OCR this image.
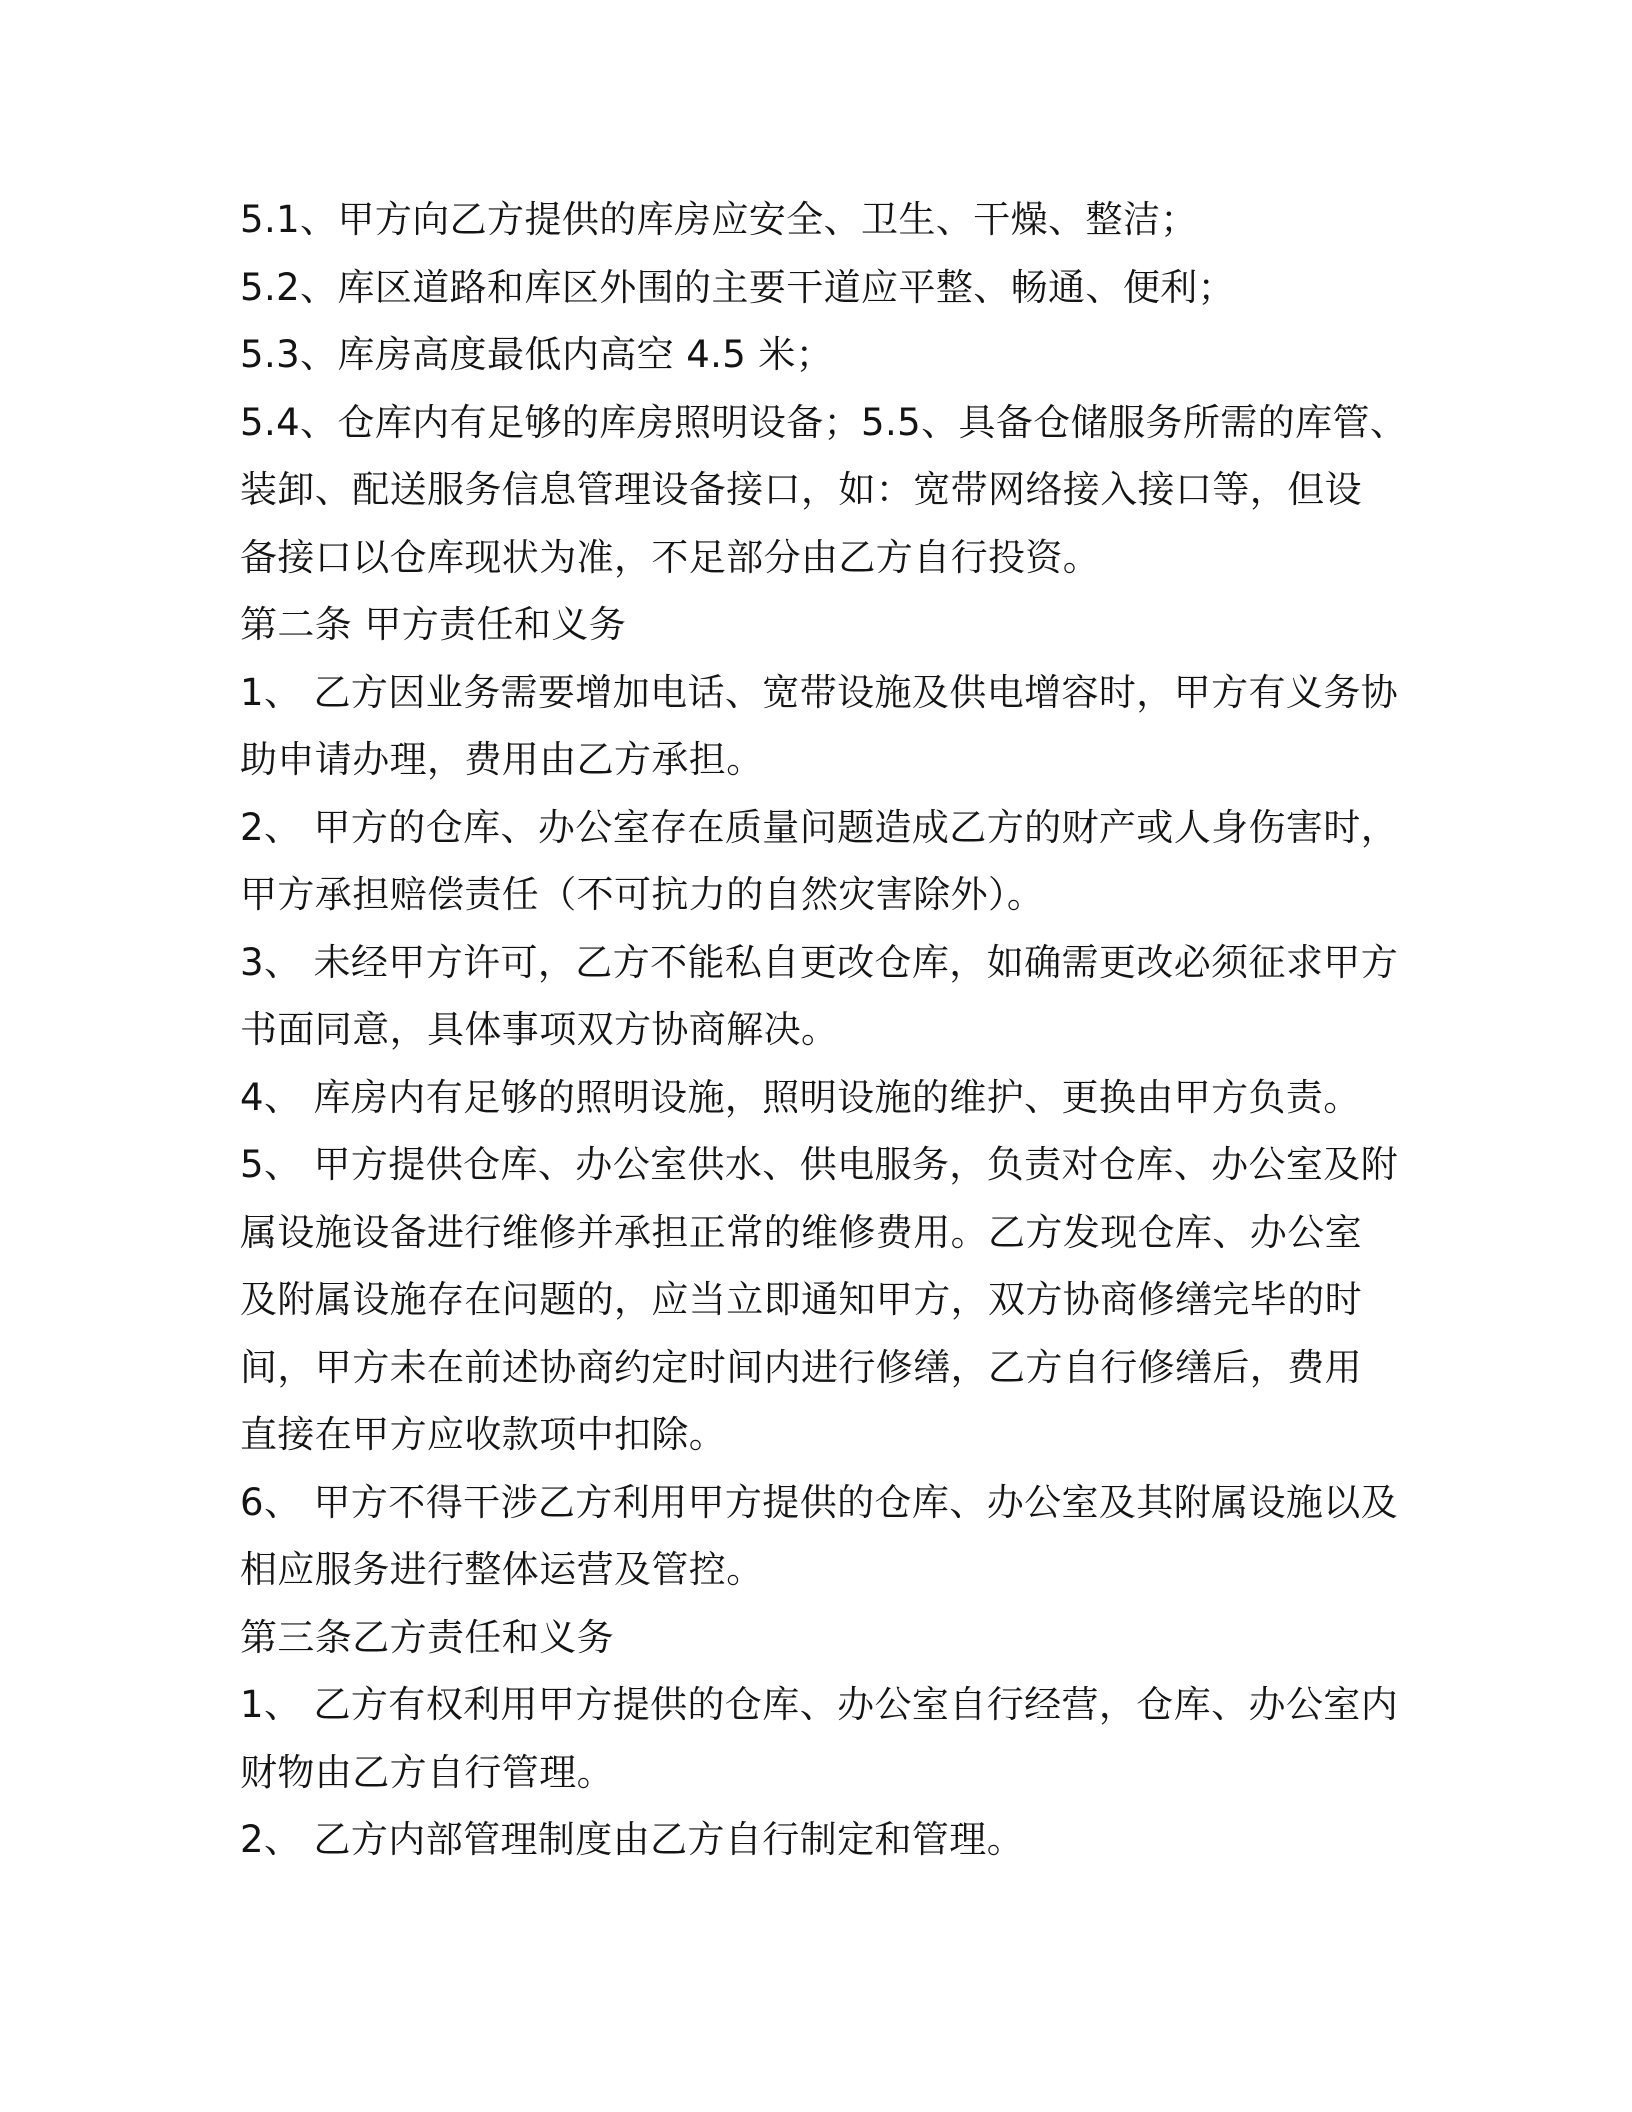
5.1、甲方向乙方提供的库房应安全、卫生、干燥、整洁；
5.2、库区道路和库区外围的主要干道应平整、畅通、便利；
5.3、库房高度最低内高空 4.5 米；
5.4、仓库内有足够的库房照明设备；5.5、具备仓储服务所需的库管、
装卸、配送服务信息管理设备接口，如：宽带网络接入接口等，但设
备接口以仓库现状为准，不足部分由乙方自行投资。
第二条 甲方责任和义务
1、 乙方因业务需要增加电话、宽带设施及供电增容时，甲方有义务协
助申请办理，费用由乙方承担。
2、 甲方的仓库、办公室存在质量问题造成乙方的财产或人身伤害时，
甲方承担赔偿责任（不可抗力的自然灾害除外）。
3、 未经甲方许可，乙方不能私自更改仓库，如确需更改必须征求甲方
书面同意，具体事项双方协商解决。
4、 库房内有足够的照明设施，照明设施的维护、更换由甲方负责。
5、 甲方提供仓库、办公室供水、供电服务，负责对仓库、办公室及附
属设施设备进行维修并承担正常的维修费用。乙方发现仓库、办公室
及附属设施存在问题的，应当立即通知甲方，双方协商修缮完毕的时
间，甲方未在前述协商约定时间内进行修缮，乙方自行修缮后，费用
直接在甲方应收款项中扣除。
6、 甲方不得干涉乙方利用甲方提供的仓库、办公室及其附属设施以及
相应服务进行整体运营及管控。
第三条乙方责任和义务
1、 乙方有权利用甲方提供的仓库、办公室自行经营，仓库、办公室内
财物由乙方自行管理。
2、 乙方内部管理制度由乙方自行制定和管理。
